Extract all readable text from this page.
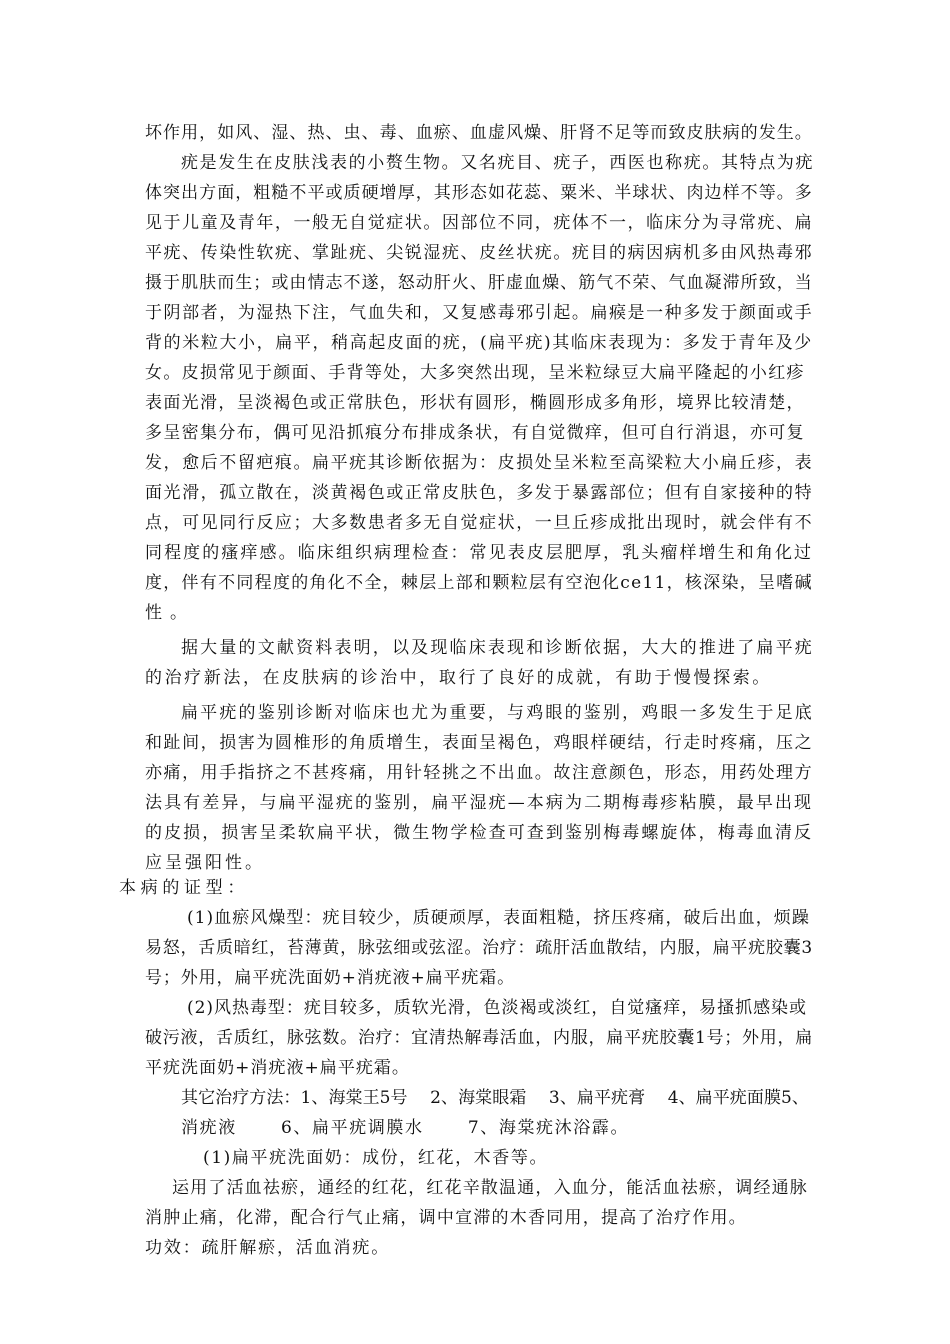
坏作用，如风、湿、热、虫、毒、血瘀、血虚风燥、肝肾不足等而致皮肤病的发生。
疣是发生在皮肤浅表的小赘生物。又名疣目、疣子，西医也称疣。其特点为疣
体突出方面，粗糙不平或质硬增厚，其形态如花蕊、粟米、半球状、肉边样不等。多
见于儿童及青年，一般无自觉症状。因部位不同，疣体不一，临床分为寻常疣、扁
平疣、传染性软疣、掌趾疣、尖锐湿疣、皮丝状疣。疣目的病因病机多由风热毒邪
摄于肌肤而生；或由情志不遂，怒动肝火、肝虚血燥、筋气不荣、气血凝滞所致，当
于阴部者，为湿热下注，气血失和，又复感毒邪引起。扁瘊是一种多发于颜面或手
背的米粒大小，扁平，稍高起皮面的疣，(扁平疣)其临床表现为：多发于青年及少
女。皮损常见于颜面、手背等处，大多突然出现，呈米粒绿豆大扁平隆起的小红疹
表面光滑，呈淡褐色或正常肤色，形状有圆形，椭圆形成多角形，境界比较清楚，
多呈密集分布，偶可见沿抓痕分布排成条状，有自觉微痒，但可自行消退，亦可复
发，愈后不留疤痕。扁平疣其诊断依据为：皮损处呈米粒至高梁粒大小扁丘疹，表
面光滑，孤立散在，淡黄褐色或正常皮肤色，多发于暴露部位；但有自家接种的特
点，可见同行反应；大多数患者多无自觉症状，一旦丘疹成批出现时，就会伴有不
同程度的瘙痒感。临床组织病理检查：常见表皮层肥厚，乳头瘤样增生和角化过
度，伴有不同程度的角化不全，棘层上部和颗粒层有空泡化ce11，核深染，呈嗜碱
性。
据大量的文献资料表明，以及现临床表现和诊断依据，大大的推进了扁平疣
的治疗新法，在皮肤病的诊治中，取行了良好的成就，有助于慢慢探索。
扁平疣的鉴别诊断对临床也尤为重要，与鸡眼的鉴别，鸡眼一多发生于足底
和趾间，损害为圆椎形的角质增生，表面呈褐色，鸡眼样硬结，行走时疼痛，压之
亦痛，用手指挤之不甚疼痛，用针轻挑之不出血。故注意颜色，形态，用药处理方
法具有差异，与扁平湿疣的鉴别，扁平湿疣—本病为二期梅毒疹粘膜，最早出现
的皮损，损害呈柔软扁平状，微生物学检查可查到鉴别梅毒螺旋体，梅毒血清反
应呈强阳性。
本病的证型：
(1)血瘀风燥型：疣目较少，质硬顽厚，表面粗糙，挤压疼痛，破后出血，烦躁
易怒，舌质暗红，苔薄黄，脉弦细或弦涩。治疗：疏肝活血散结，内服，扁平疣胶囊3
号；外用，扁平疣洗面奶+消疣液+扁平疣霜。
(2)风热毒型：疣目较多，质软光滑，色淡褐或淡红，自觉瘙痒，易搔抓感染或
破污液，舌质红，脉弦数。治疗：宜清热解毒活血，内服，扁平疣胶囊1号；外用，扁
平疣洗面奶+消疣液+扁平疣霜。
其它治疗方法：1、海棠王5号　 2、海棠眼霜　 3、扁平疣膏　 4、扁平疣面膜5、
消疣液　　 6、扁平疣调膜水　　 7、海棠疣沐浴霹。
(1)扁平疣洗面奶：成份，红花，木香等。
运用了活血祛瘀，通经的红花，红花辛散温通，入血分，能活血祛瘀，调经通脉
消肿止痛，化滞，配合行气止痛，调中宣滞的木香同用，提高了治疗作用。
功效：疏肝解瘀，活血消疣。
